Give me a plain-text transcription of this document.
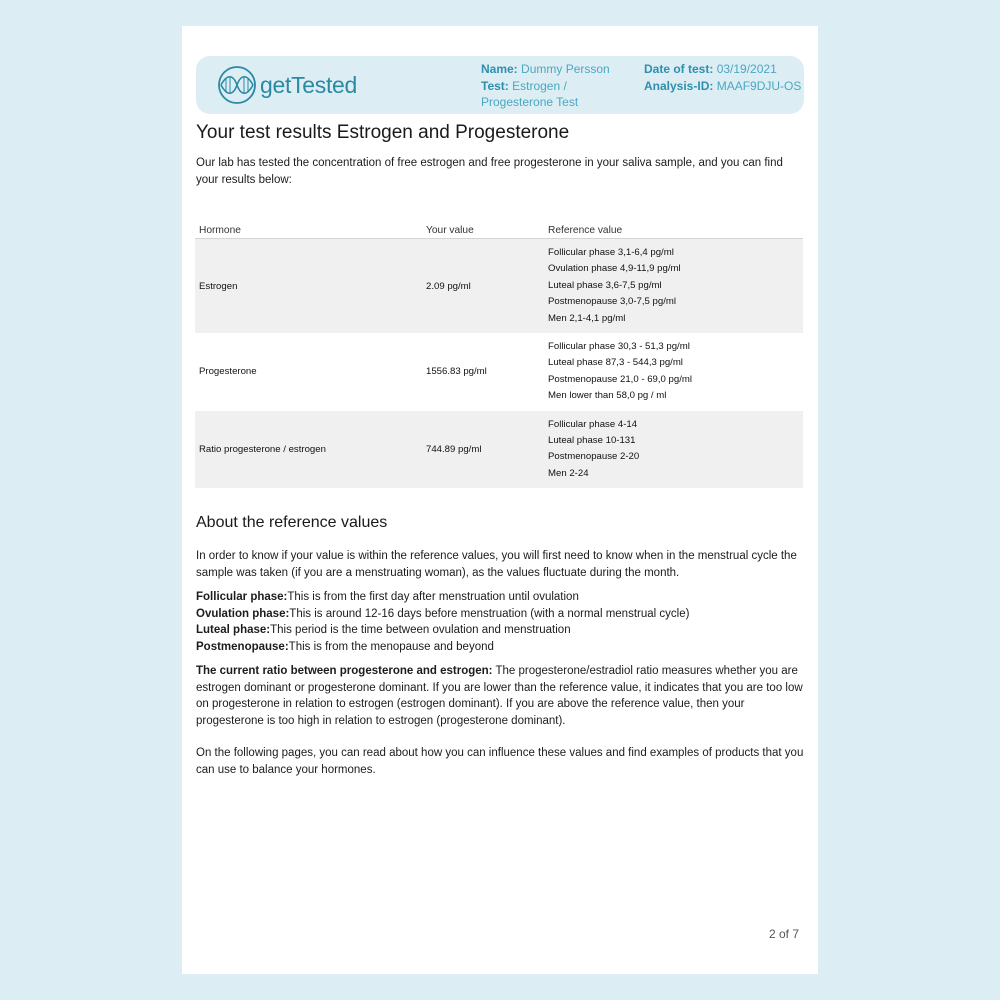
getTested
Name: Dummy Persson
Test: Estrogen / Progesterone Test
Date of test: 03/19/2021
Analysis-ID: MAAF9DJU-OS
Your test results Estrogen and Progesterone

Our lab has tested the concentration of free estrogen and free progesterone in your saliva sample, and you can find your results below:

Hormone	Your value	Reference value
Estrogen	2.09 pg/ml	Follicular phase 3,1-6,4 pg/ml
Ovulation phase 4,9-11,9 pg/ml
Luteal phase 3,6-7,5 pg/ml
Postmenopause 3,0-7,5 pg/ml
Men 2,1-4,1 pg/ml

Progesterone	1556.83 pg/ml	Follicular phase 30,3 - 51,3 pg/ml
Luteal phase 87,3 - 544,3 pg/ml
Postmenopause 21,0 - 69,0 pg/ml
Men lower than 58,0 pg / ml

Ratio progesterone / estrogen	744.89 pg/ml	Follicular phase 4-14
Luteal phase 10-131
Postmenopause 2-20
Men 2-24
About the reference values

In order to know if your value is within the reference values, you will first need to know when in the menstrual cycle the sample was taken (if you are a menstruating woman), as the values fluctuate during the month.

Follicular phase:This is from the first day after menstruation until ovulation
Ovulation phase:This is around 12-16 days before menstruation (with a normal menstrual cycle)
Luteal phase:This period is the time between ovulation and menstruation
Postmenopause:This is from the menopause and beyond

The current ratio between progesterone and estrogen: The progesterone/estradiol ratio measures whether you are estrogen dominant or progesterone dominant. If you are lower than the reference value, it indicates that you are too low on progesterone in relation to estrogen (estrogen dominant). If you are above the reference value, then your progesterone is too high in relation to estrogen (progesterone dominant).

On the following pages, you can read about how you can influence these values and find examples of products that you can use to balance your hormones.

2 of 7
